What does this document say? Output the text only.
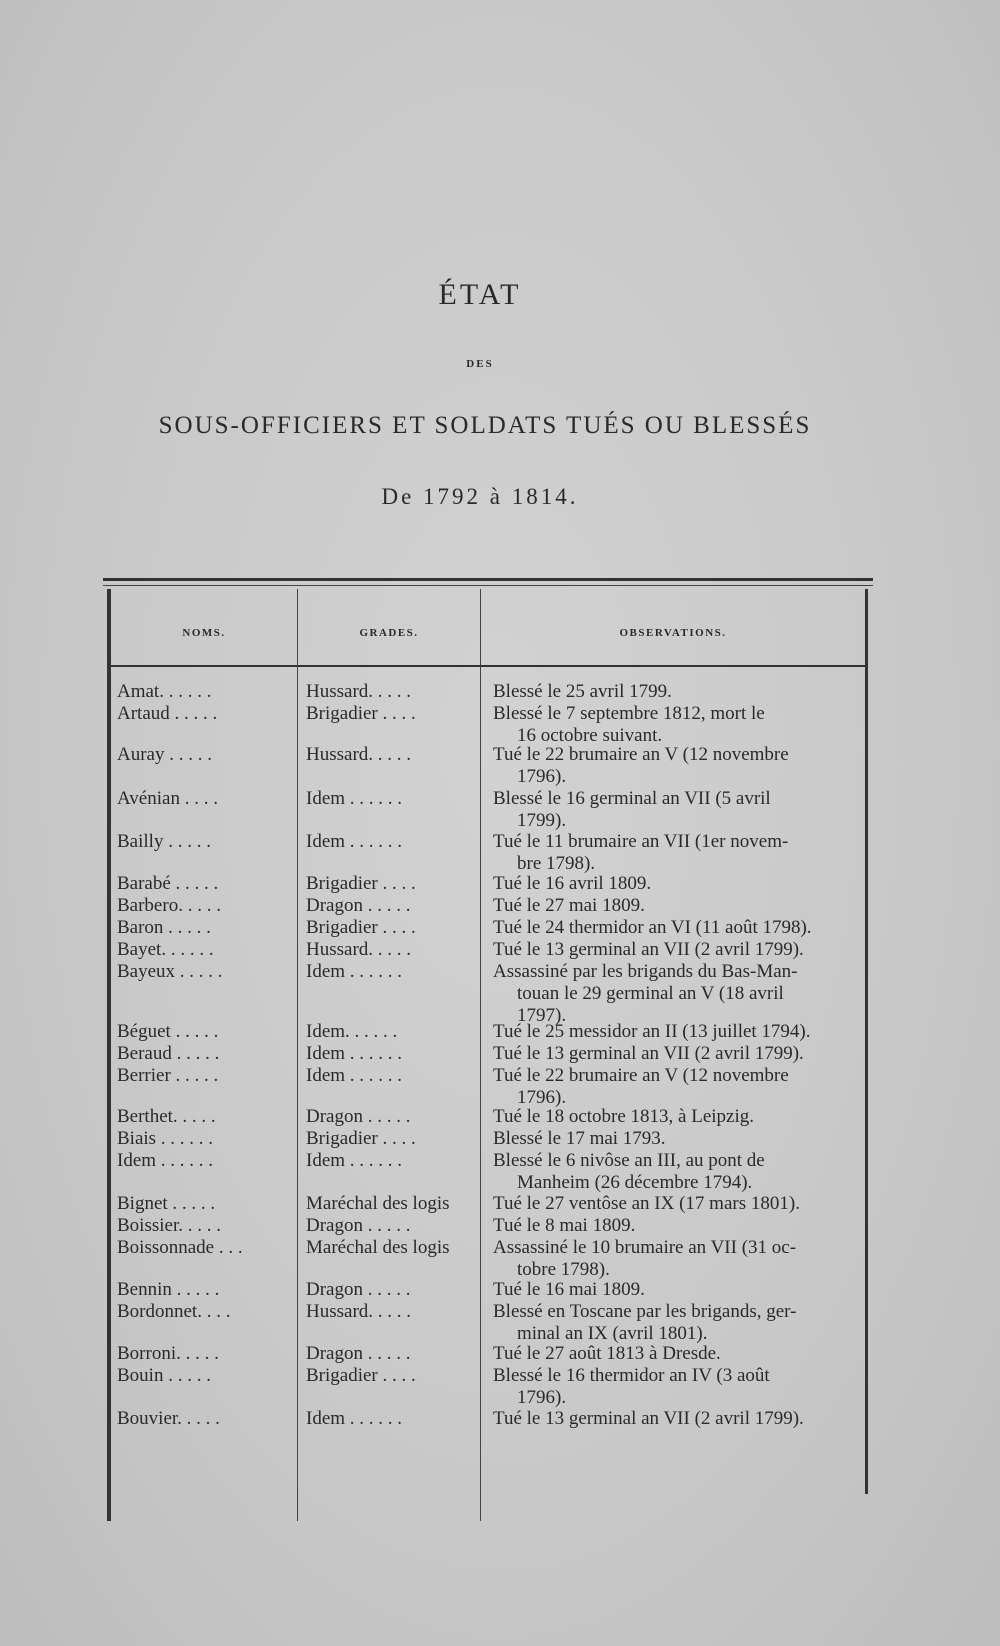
ÉTAT
DES
SOUS-OFFICIERS ET SOLDATS TUÉS OU BLESSÉS
De 1792 à 1814.
NOMS.	GRADES.	OBSERVATIONS.
Amat. . . . . .	Hussard. . . . .	Blessé le 25 avril 1799.
Artaud . . . . .	Brigadier . . . .	Blessé le 7 septembre 1812, mort le
16 octobre suivant.
Auray . . . . .	Hussard. . . . .	Tué le 22 brumaire an V (12 novembre
1796).
Avénian . . . .	Idem . . . . . .	Blessé le 16 germinal an VII (5 avril
1799).
Bailly . . . . .	Idem . . . . . .	Tué le 11 brumaire an VII (1er novem-
bre 1798).
Barabé . . . . .	Brigadier . . . .	Tué le 16 avril 1809.
Barbero. . . . .	Dragon . . . . .	Tué le 27 mai 1809.
Baron . . . . .	Brigadier . . . .	Tué le 24 thermidor an VI (11 août 1798).
Bayet. . . . . .	Hussard. . . . .	Tué le 13 germinal an VII (2 avril 1799).
Bayeux . . . . .	Idem . . . . . .	Assassiné par les brigands du Bas-Man-
touan le 29 germinal an V (18 avril
1797).
Béguet . . . . .	Idem. . . . . .	Tué le 25 messidor an II (13 juillet 1794).
Beraud . . . . .	Idem . . . . . .	Tué le 13 germinal an VII (2 avril 1799).
Berrier . . . . .	Idem . . . . . .	Tué le 22 brumaire an V (12 novembre
1796).
Berthet. . . . .	Dragon . . . . .	Tué le 18 octobre 1813, à Leipzig.
Biais . . . . . .	Brigadier . . . .	Blessé le 17 mai 1793.
Idem . . . . . .	Idem . . . . . .	Blessé le 6 nivôse an III, au pont de
Manheim (26 décembre 1794).
Bignet . . . . .	Maréchal des logis	Tué le 27 ventôse an IX (17 mars 1801).
Boissier. . . . .	Dragon . . . . .	Tué le 8 mai 1809.
Boissonnade . . .	Maréchal des logis	Assassiné le 10 brumaire an VII (31 oc-
tobre 1798).
Bennin . . . . .	Dragon . . . . .	Tué le 16 mai 1809.
Bordonnet. . . .	Hussard. . . . .	Blessé en Toscane par les brigands, ger-
minal an IX (avril 1801).
Borroni. . . . .	Dragon . . . . .	Tué le 27 août 1813 à Dresde.
Bouin . . . . .	Brigadier . . . .	Blessé le 16 thermidor an IV (3 août
1796).
Bouvier. . . . .	Idem . . . . . .	Tué le 13 germinal an VII (2 avril 1799).
